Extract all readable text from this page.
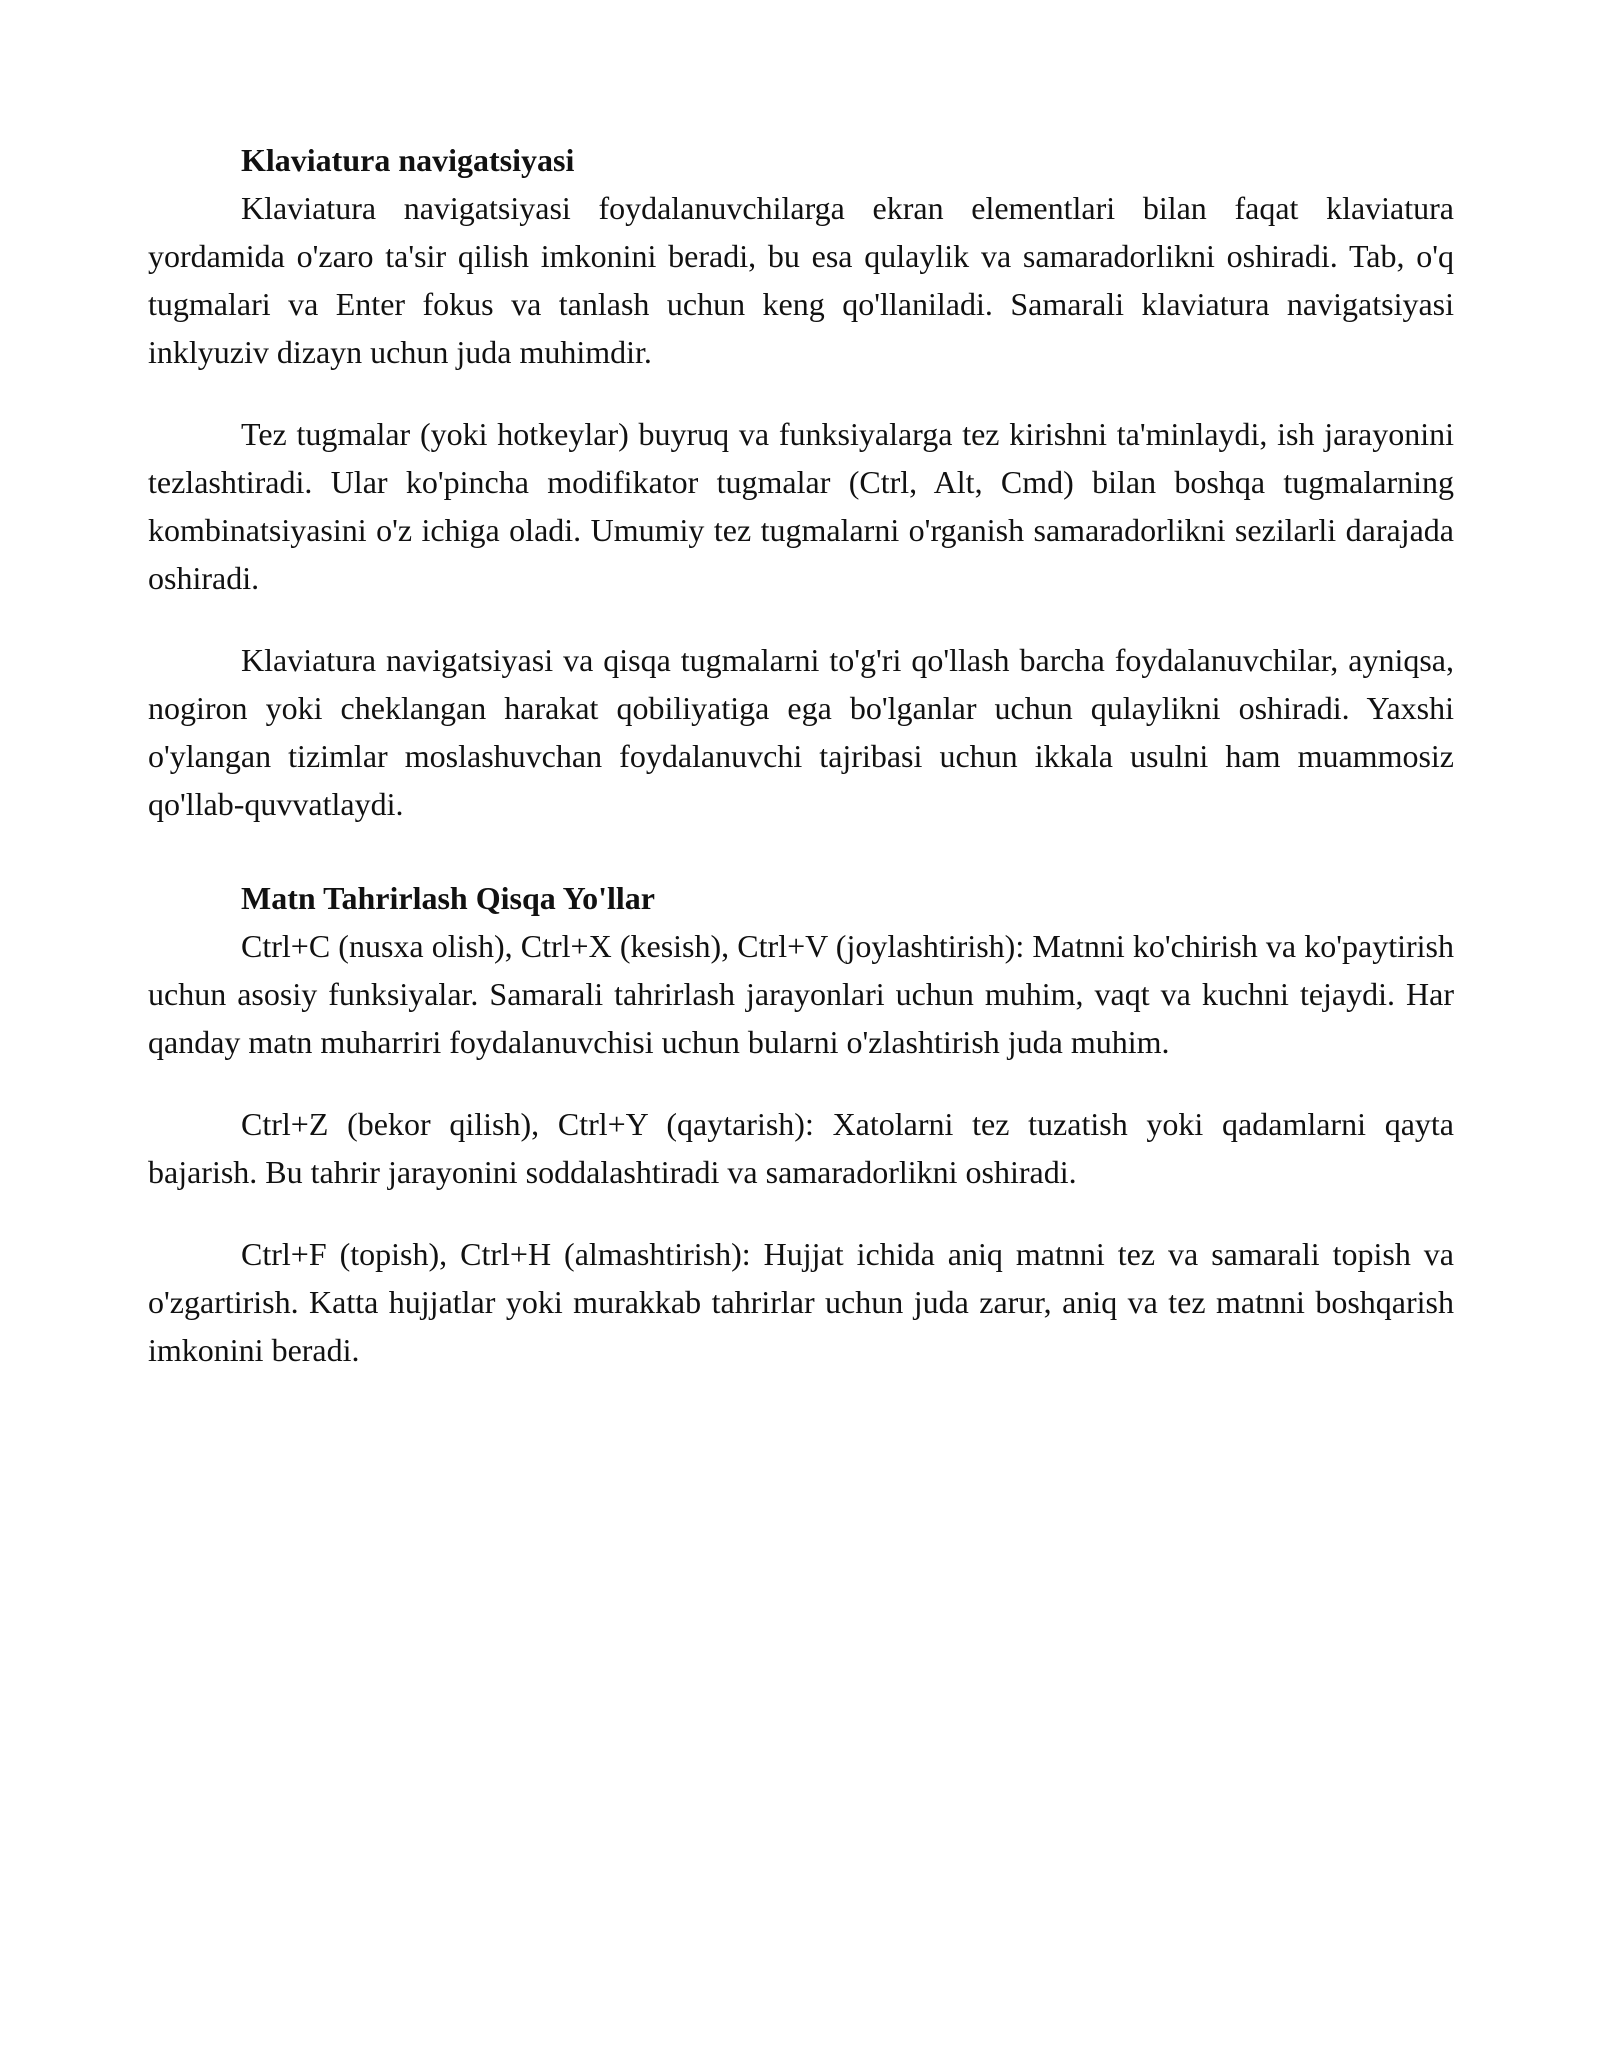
Klaviatura navigatsiyasi

Klaviatura navigatsiyasi foydalanuvchilarga ekran elementlari bilan faqat klaviatura yordamida o'zaro ta'sir qilish imkonini beradi, bu esa qulaylik va samaradorlikni oshiradi. Tab, o'q tugmalari va Enter fokus va tanlash uchun keng qo'llaniladi. Samarali klaviatura navigatsiyasi inklyuziv dizayn uchun juda muhimdir.

Tez tugmalar (yoki hotkeylar) buyruq va funksiyalarga tez kirishni ta'minlaydi, ish jarayonini tezlashtiradi. Ular ko'pincha modifikator tugmalar (Ctrl, Alt, Cmd) bilan boshqa tugmalarning kombinatsiyasini o'z ichiga oladi. Umumiy tez tugmalarni o'rganish samaradorlikni sezilarli darajada oshiradi.

Klaviatura navigatsiyasi va qisqa tugmalarni to'g'ri qo'llash barcha foydalanuvchilar, ayniqsa, nogiron yoki cheklangan harakat qobiliyatiga ega bo'lganlar uchun qulaylikni oshiradi. Yaxshi o'ylangan tizimlar moslashuvchan foydalanuvchi tajribasi uchun ikkala usulni ham muammosiz qo'llab-quvvatlaydi.

Matn Tahrirlash Qisqa Yo'llar

Ctrl+C (nusxa olish), Ctrl+X (kesish), Ctrl+V (joylashtirish): Matnni ko'chirish va ko'paytirish uchun asosiy funksiyalar. Samarali tahrirlash jarayonlari uchun muhim, vaqt va kuchni tejaydi. Har qanday matn muharriri foydalanuvchisi uchun bularni o'zlashtirish juda muhim.

Ctrl+Z (bekor qilish), Ctrl+Y (qaytarish): Xatolarni tez tuzatish yoki qadamlarni qayta bajarish. Bu tahrir jarayonini soddalashtiradi va samaradorlikni oshiradi.

Ctrl+F (topish), Ctrl+H (almashtirish): Hujjat ichida aniq matnni tez va samarali topish va o'zgartirish. Katta hujjatlar yoki murakkab tahrirlar uchun juda zarur, aniq va tez matnni boshqarish imkonini beradi.
